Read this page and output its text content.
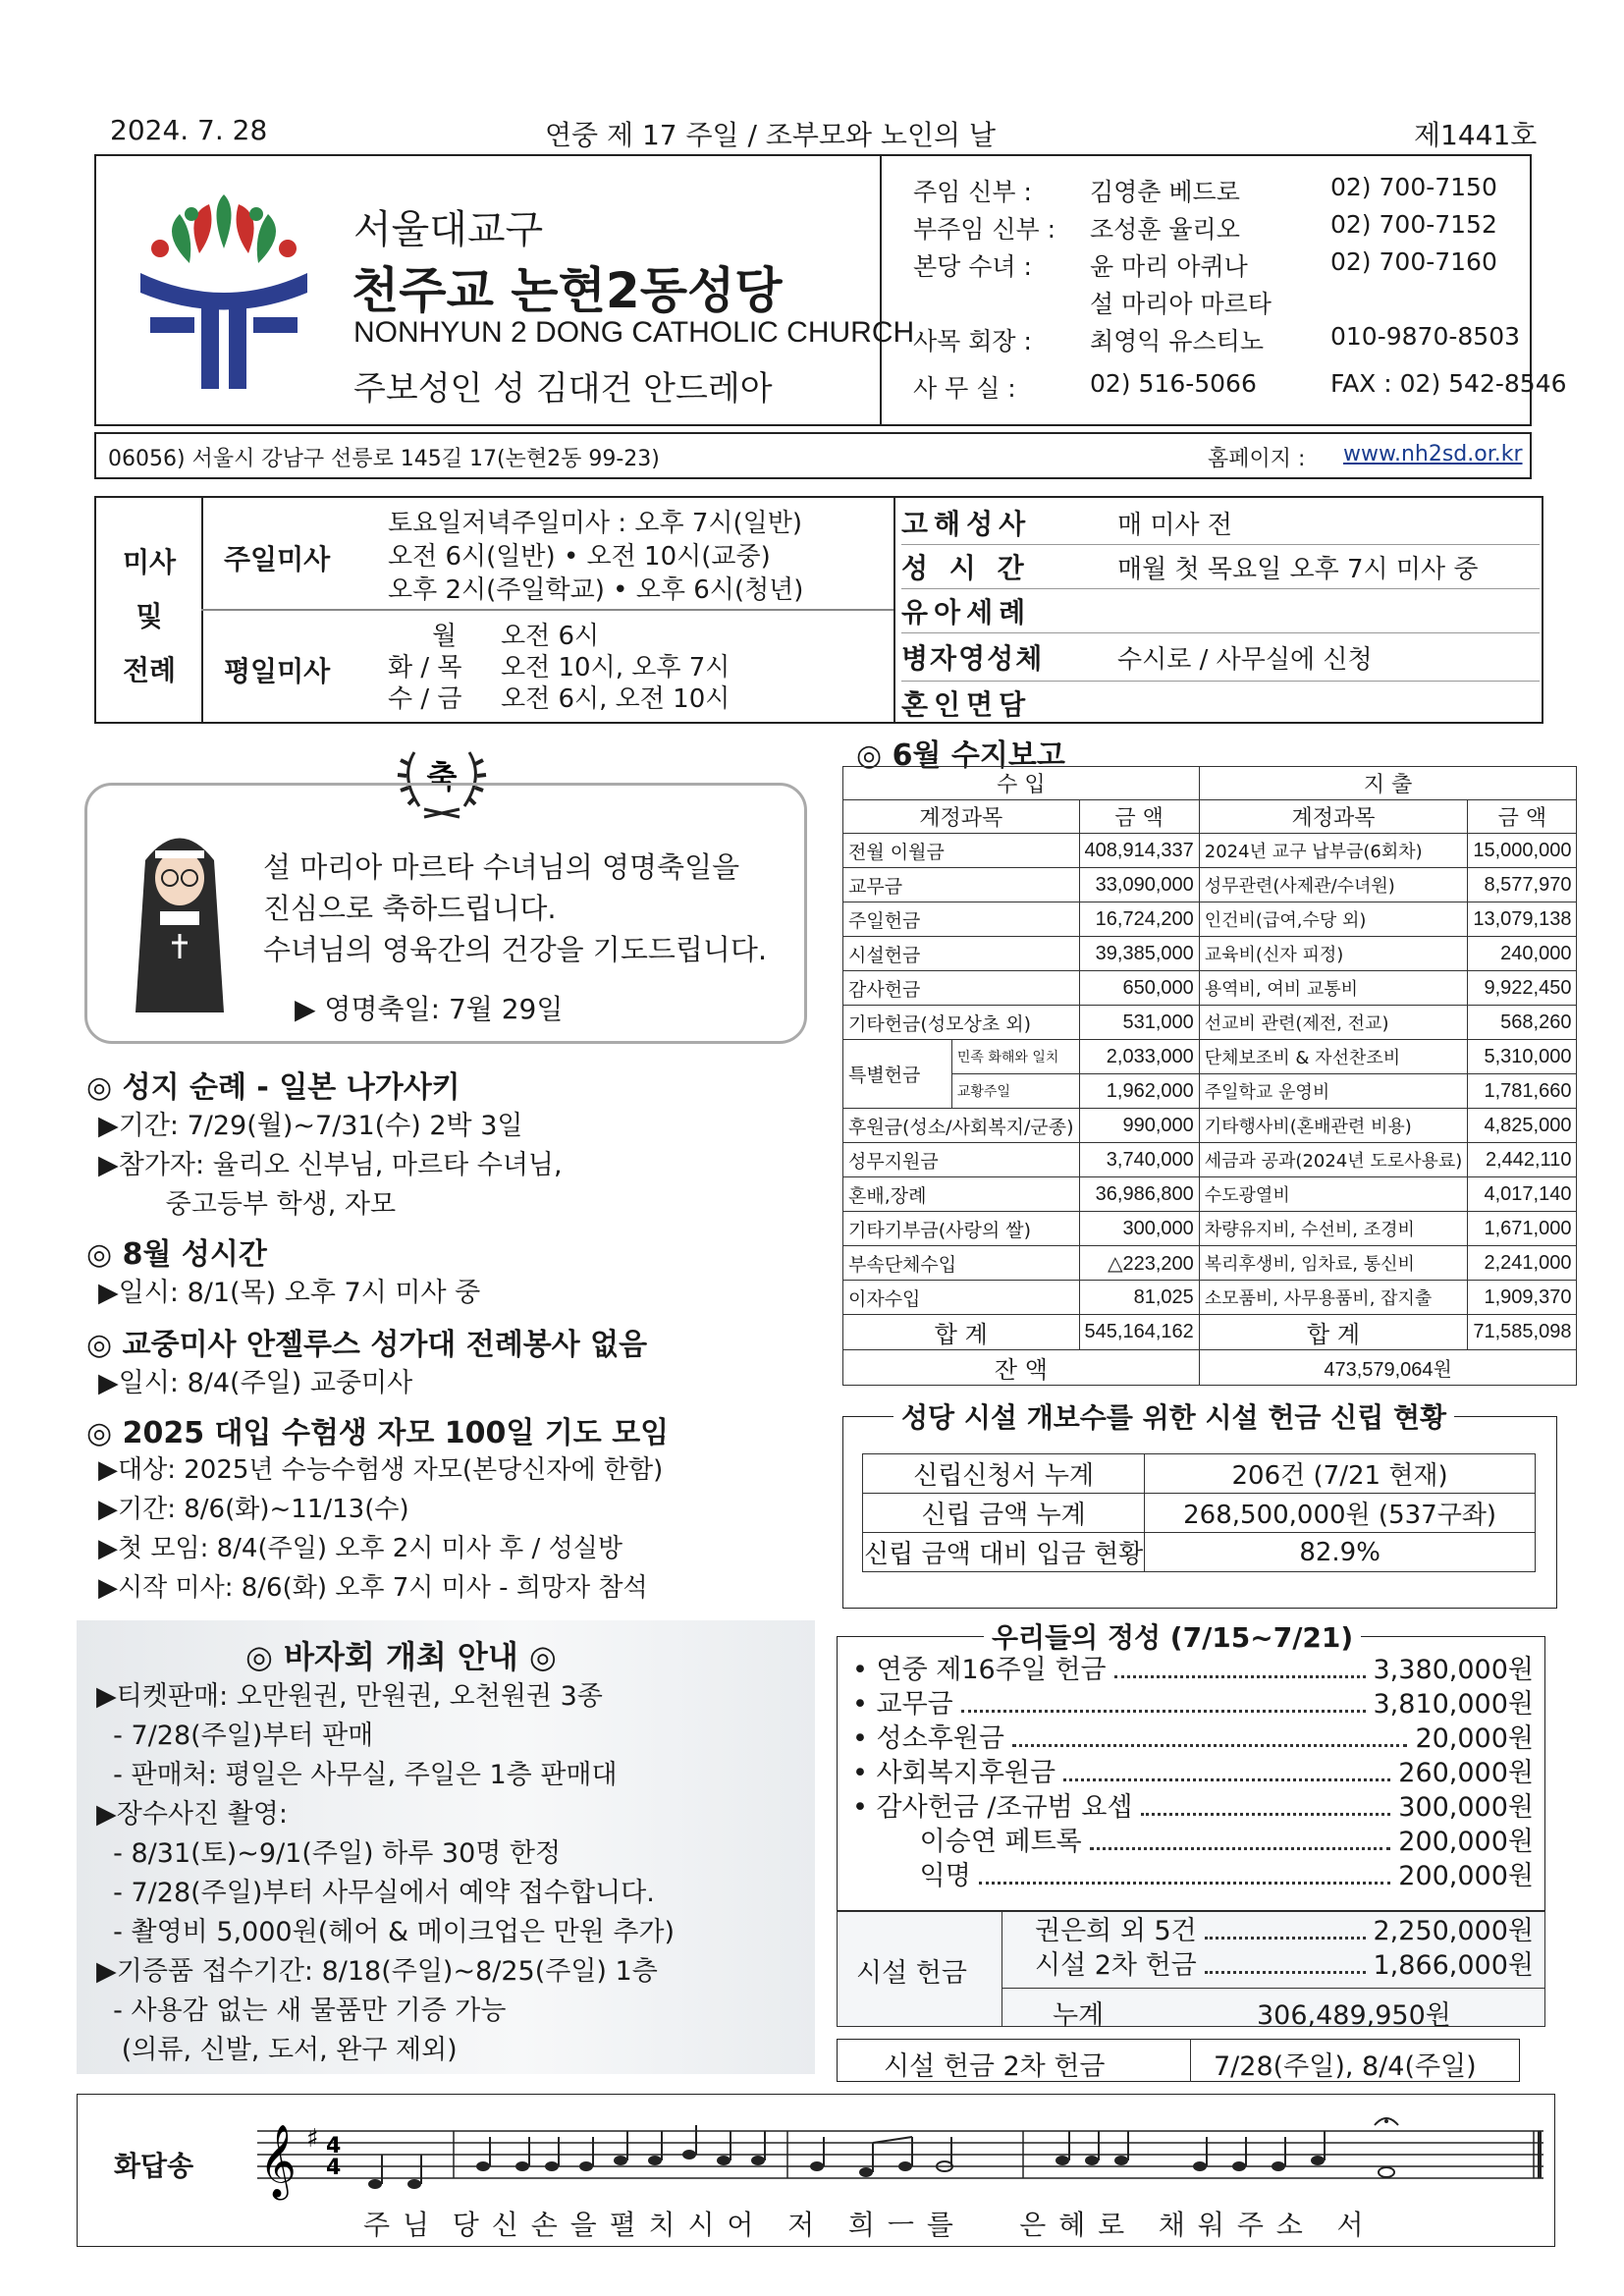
2024. 7. 28	연중 제 17 주일 / 조부모와 노인의 날	제1441호
서울대교구
천주교 논현2동성당
NONHYUN 2 DONG CATHOLIC CHURCH
주보성인 성 김대건 안드레아
주임 신부 :	김영춘 베드로	02) 700-7150
부주임 신부 :	조성훈 율리오	02) 700-7152
본당 수녀 :	윤 마리 아퀴나	02) 700-7160
설 마리아 마르타
사목 회장 :	최영익 유스티노	010-9870-8503
사 무 실 :	02) 516-5066	FAX : 02) 542-8546
06056) 서울시 강남구 선릉로 145길 17(논현2동 99-23)	홈페이지 : www.nh2sd.or.kr
미사
및
전례
주일미사
토요일저녁주일미사 : 오후 7시(일반)
오전 6시(일반) • 오전 10시(교중)
오후 2시(주일학교) • 오후 6시(청년)
평일미사
월	오전 6시
화 / 목	오전 10시, 오후 7시
수 / 금	오전 6시, 오전 10시
고해성사	매 미사 전
성 시 간	매월 첫 목요일 오후 7시 미사 중
유아세례
병자영성체	수시로 / 사무실에 신청
혼인면담
축
설 마리아 마르타 수녀님의 영명축일을
진심으로 축하드립니다.
수녀님의 영육간의 건강을 기도드립니다.
▶ 영명축일: 7월 29일
◎ 성지 순례 - 일본 나가사키
▶기간: 7/29(월)~7/31(수) 2박 3일
▶참가자: 율리오 신부님, 마르타 수녀님,
중고등부 학생, 자모
◎ 8월 성시간
▶일시: 8/1(목) 오후 7시 미사 중
◎ 교중미사 안젤루스 성가대 전례봉사 없음
▶일시: 8/4(주일) 교중미사
◎ 2025 대입 수험생 자모 100일 기도 모임
▶대상: 2025년 수능수험생 자모(본당신자에 한함)
▶기간: 8/6(화)~11/13(수)
▶첫 모임: 8/4(주일) 오후 2시 미사 후 / 성실방
▶시작 미사: 8/6(화) 오후 7시 미사 - 희망자 참석
◎ 바자회 개최 안내 ◎
▶티켓판매: 오만원권, 만원권, 오천원권 3종
- 7/28(주일)부터 판매
- 판매처: 평일은 사무실, 주일은 1층 판매대
▶장수사진 촬영:
- 8/31(토)~9/1(주일) 하루 30명 한정
- 7/28(주일)부터 사무실에서 예약 접수합니다.
- 촬영비 5,000원(헤어 & 메이크업은 만원 추가)
▶기증품 접수기간: 8/18(주일)~8/25(주일) 1층
- 사용감 없는 새 물품만 기증 가능
(의류, 신발, 도서, 완구 제외)
◎ 6월 수지보고
수 입			지 출	
계정과목		금 액	계정과목	금 액
전월 이월금		408,914,337	2024년 교구 납부금(6회차)	15,000,000
교무금		33,090,000	성무관련(사제관/수녀원)	8,577,970
주일헌금		16,724,200	인건비(급여,수당 외)	13,079,138
시설헌금		39,385,000	교육비(신자 피정)	240,000
감사헌금		650,000	용역비, 여비 교통비	9,922,450
기타헌금(성모상초 외)		531,000	선교비 관련(제전, 전교)	568,260
특별헌금	민족 화해와 일치	2,033,000	단체보조비 & 자선찬조비	5,310,000
	교황주일	1,962,000	주일학교 운영비	1,781,660
후원금(성소/사회복지/군종)		990,000	기타행사비(혼배관련 비용)	4,825,000
성무지원금		3,740,000	세금과 공과(2024년 도로사용료)	2,442,110
혼배,장례		36,986,800	수도광열비	4,017,140
기타기부금(사랑의 쌀)		300,000	차량유지비, 수선비, 조경비	1,671,000
부속단체수입		△223,200	복리후생비, 임차료, 통신비	2,241,000
이자수입		81,025	소모품비, 사무용품비, 잡지출	1,909,370
합 계		545,164,162	합 계	71,585,098
잔 액			473,579,064원	
성당 시설 개보수를 위한 시설 헌금 신립 현황
신립신청서 누계	206건 (7/21 현재)
신립 금액 누계	268,500,000원 (537구좌)
신립 금액 대비 입금 현황	82.9%
우리들의 정성 (7/15~7/21)
• 연중 제16주일 헌금	3,380,000원
• 교무금	3,810,000원
• 성소후원금	20,000원
• 사회복지후원금	260,000원
• 감사헌금 /조규범 요셉	300,000원
이승연 페트록	200,000원
익명	200,000원
시설 헌금
권은희 외 5건	2,250,000원
시설 2차 헌금	1,866,000원
누계	306,489,950원
시설 헌금 2차 헌금	7/28(주일), 8/4(주일)
화답송 𝄞 ♯ 4
4
주 님  당 신 손 을 펼 치 시 어   저   희 ㅡ 를      은 혜 로   채 워 주 소   서
